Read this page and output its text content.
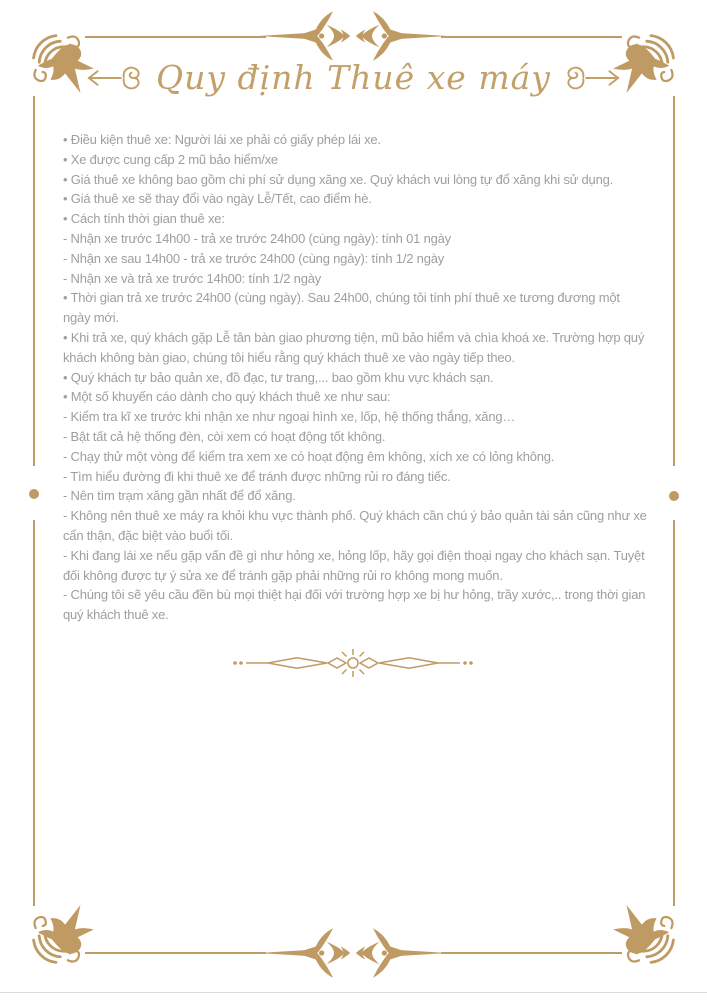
Quy định Thuê xe máy

• Điều kiện thuê xe: Người lái xe phải có giấy phép lái xe.

• Xe được cung cấp 2 mũ bảo hiểm/xe

• Giá thuê xe không bao gồm chi phí sử dụng xăng xe. Quý khách vui lòng tự đổ xăng khi sử dụng.

• Giá thuê xe sẽ thay đổi vào ngày Lễ/Tết, cao điểm hè.

• Cách tính thời gian thuê xe:

- Nhận xe trước 14h00 - trả xe trước 24h00 (cùng ngày): tính 01 ngày

- Nhận xe sau 14h00 - trả xe trước 24h00 (cùng ngày): tính 1/2 ngày

- Nhận xe và trả xe trước 14h00: tính 1/2 ngày

• Thời gian trả xe trước 24h00 (cùng ngày). Sau 24h00, chúng tôi tính phí thuê xe tương đương một ngày mới.

• Khi trả xe, quý khách gặp Lễ tân bàn giao phương tiện, mũ bảo hiểm và chìa khoá xe. Trường hợp quý khách không bàn giao, chúng tôi hiểu rằng quý khách thuê xe vào ngày tiếp theo.

• Quý khách tự bảo quản xe, đồ đạc, tư trang,... bao gồm khu vực khách sạn.

• Một số khuyến cáo dành cho quý khách thuê xe như sau:

- Kiểm tra kĩ xe trước khi nhận xe như ngoại hình xe, lốp, hệ thống thắng, xăng…

- Bật tất cả hệ thống đèn, còi xem có hoạt động tốt không.

- Chạy thử một vòng để kiểm tra xem xe có hoạt động êm không, xích xe có lỏng không.

- Tìm hiểu đường đi khi thuê xe để tránh được những rủi ro đáng tiếc.

- Nên tìm trạm xăng gần nhất để đổ xăng.

- Không nên thuê xe máy ra khỏi khu vực thành phố. Quý khách cần chú ý bảo quản tài sản cũng như xe cẩn thận, đặc biệt vào buổi tối.

- Khi đang lái xe nếu gặp vấn đề gì như hỏng xe, hỏng lốp, hãy gọi điện thoại ngay cho khách sạn. Tuyệt đối không được tự ý sửa xe để tránh gặp phải những rủi ro không mong muốn.

- Chúng tôi sẽ yêu cầu đền bù mọi thiệt hại đối với trường hợp xe bị hư hỏng, trầy xước,.. trong thời gian quý khách thuê xe.
